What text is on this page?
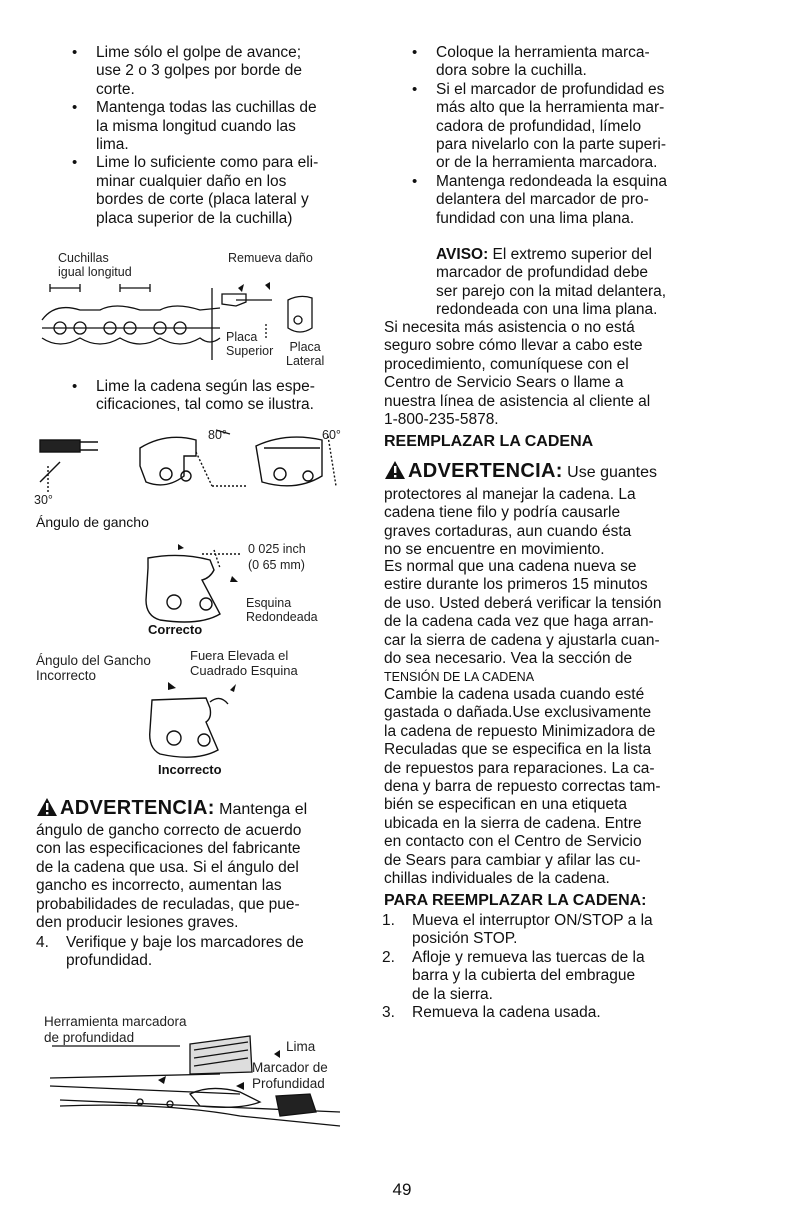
• Lime sólo el golpe de avance;
use 2 o 3 golpes por borde de
corte.
• Mantenga todas las cuchillas de
la misma longitud cuando las
lima.
• Lime lo suficiente como para eli-
minar cualquier daño en los
bordes de corte (placa lateral y
placa superior de la cuchilla)
Cuchillas
igual longitud
Remueva daño
Placa
Superior Placa
Lateral
• Lime la cadena según las espe-
cificaciones, tal como se ilustra.
80°	60°
30°
Ángulo de gancho
0 025 inch
(0 65 mm)
Esquina
Redondeada
Correcto
Ángulo del Gancho
Incorrecto
Fuera Elevada el
Cuadrado Esquina
Incorrecto
ADVERTENCIA: Mantenga el
ángulo de gancho correcto de acuerdo
con las especificaciones del fabricante
de la cadena que usa. Si el ángulo del
gancho es incorrecto, aumentan las
probabilidades de reculadas, que pue-
den producir lesiones graves.
4. Verifique y baje los marcadores de
profundidad.
Herramienta marcadora
de profundidad
Lima
Marcador de
Profundidad
• Coloque la herramienta marca-
dora sobre la cuchilla.
• Si el marcador de profundidad es
más alto que la herramienta mar-
cadora de profundidad, límelo
para nivelarlo con la parte superi-
or de la herramienta marcadora.
• Mantenga redondeada la esquina
delantera del marcador de pro-
fundidad con una lima plana.
AVISO: El extremo superior del
marcador de profundidad debe
ser parejo con la mitad delantera,
redondeada con una lima plana.
Si necesita más asistencia o no está
seguro sobre cómo llevar a cabo este
procedimiento, comuníquese con el
Centro de Servicio Sears o llame a
nuestra línea de asistencia al cliente al
1-800-235-5878.
REEMPLAZAR LA CADENA
ADVERTENCIA: Use guantes
protectores al manejar la cadena. La
cadena tiene filo y podría causarle
graves cortaduras, aun cuando ésta
no se encuentre en movimiento.
Es normal que una cadena nueva se
estire durante los primeros 15 minutos
de uso. Usted deberá verificar la tensión
de la cadena cada vez que haga arran-
car la sierra de cadena y ajustarla cuan-
do sea necesario. Vea la sección de
TENSIÓN DE LA CADENA
Cambie la cadena usada cuando esté
gastada o dañada.Use exclusivamente
la cadena de repuesto Minimizadora de
Reculadas que se especifica en la lista
de repuestos para reparaciones. La ca-
dena y barra de repuesto correctas tam-
bién se especifican en una etiqueta
ubicada en la sierra de cadena. Entre
en contacto con el Centro de Servicio
de Sears para cambiar y afilar las cu-
chillas individuales de la cadena.
PARA REEMPLAZAR LA CADENA:
1. Mueva el interruptor ON/STOP a la
posición STOP.
2. Afloje y remueva las tuercas de la
barra y la cubierta del embrague
de la sierra.
3. Remueva la cadena usada.
49
